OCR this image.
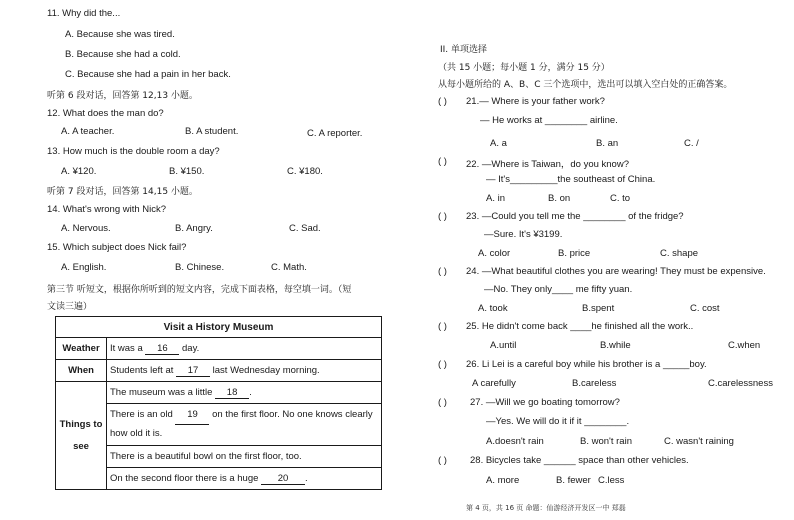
11. Why did the...
A. Because she was tired.
B. Because she had a cold.
C. Because she had a pain in her back.
听第 6 段对话，回答第 12,13 小题。
12. What does the man do?
A. A teacher.	B. A student.	C. A reporter.
13. How much is the double room a day?
A. ¥120.	B. ¥150.	C. ¥180.
听第 7 段对话，回答第 14,15 小题。
14. What's wrong with Nick?
A. Nervous.	B. Angry.	C. Sad.
15. Which subject does Nick fail?
A. English.	B. Chinese.	C. Math.
第三节 听短文，根据你所听到的短文内容，完成下面表格，每空填一词。（短
文读三遍）
Visit a History Museum	
Weather	It was a 16 day.
When	Students left at 17 last Wednesday morning.
Things to
see	The museum was a little 18 .
	There is an old 19 on the first floor. No one knows clearly
how old it is.
	There is a beautiful bowl on the first floor, too.
	On the second floor there is a huge 20 .
II. 单项选择
（共 15 小题；每小题 1 分，满分 15 分）
从每小题所给的 A、B、C 三个选项中，选出可以填入空白处的正确答案。
( ) 21.— Where is your father work?
— He works at ________ airline.
A. a	B. an	C. /
( ) 22. —Where is Taiwan，do you know?
— It's_________the southeast of China.
A. in	B. on	C. to
( ) 23. —Could you tell me the ________ of the fridge?
—Sure. It's ¥3199.
A. color	B. price	C. shape
( ) 24. —What beautiful clothes you are wearing! They must be expensive.
—No. They only____ me fifty yuan.
A. took	B.spent	C. cost
( ) 25. He didn't come back ____he finished all the work..
A.until	B.while	C.when
( ) 26. Li Lei is a careful boy while his brother is a _____boy.
A carefully	B.careless	C.carelessness
( ) 27. —Will we go boating tomorrow?
—Yes. We will do it if it ________.
A.doesn't rain	B. won't rain	C. wasn't raining
( ) 28. Bicycles take ______ space than other vehicles.
A. more	B. fewer C.less
第 4 页，共 16 页 命题：仙游经济开发区一中 郑磊
